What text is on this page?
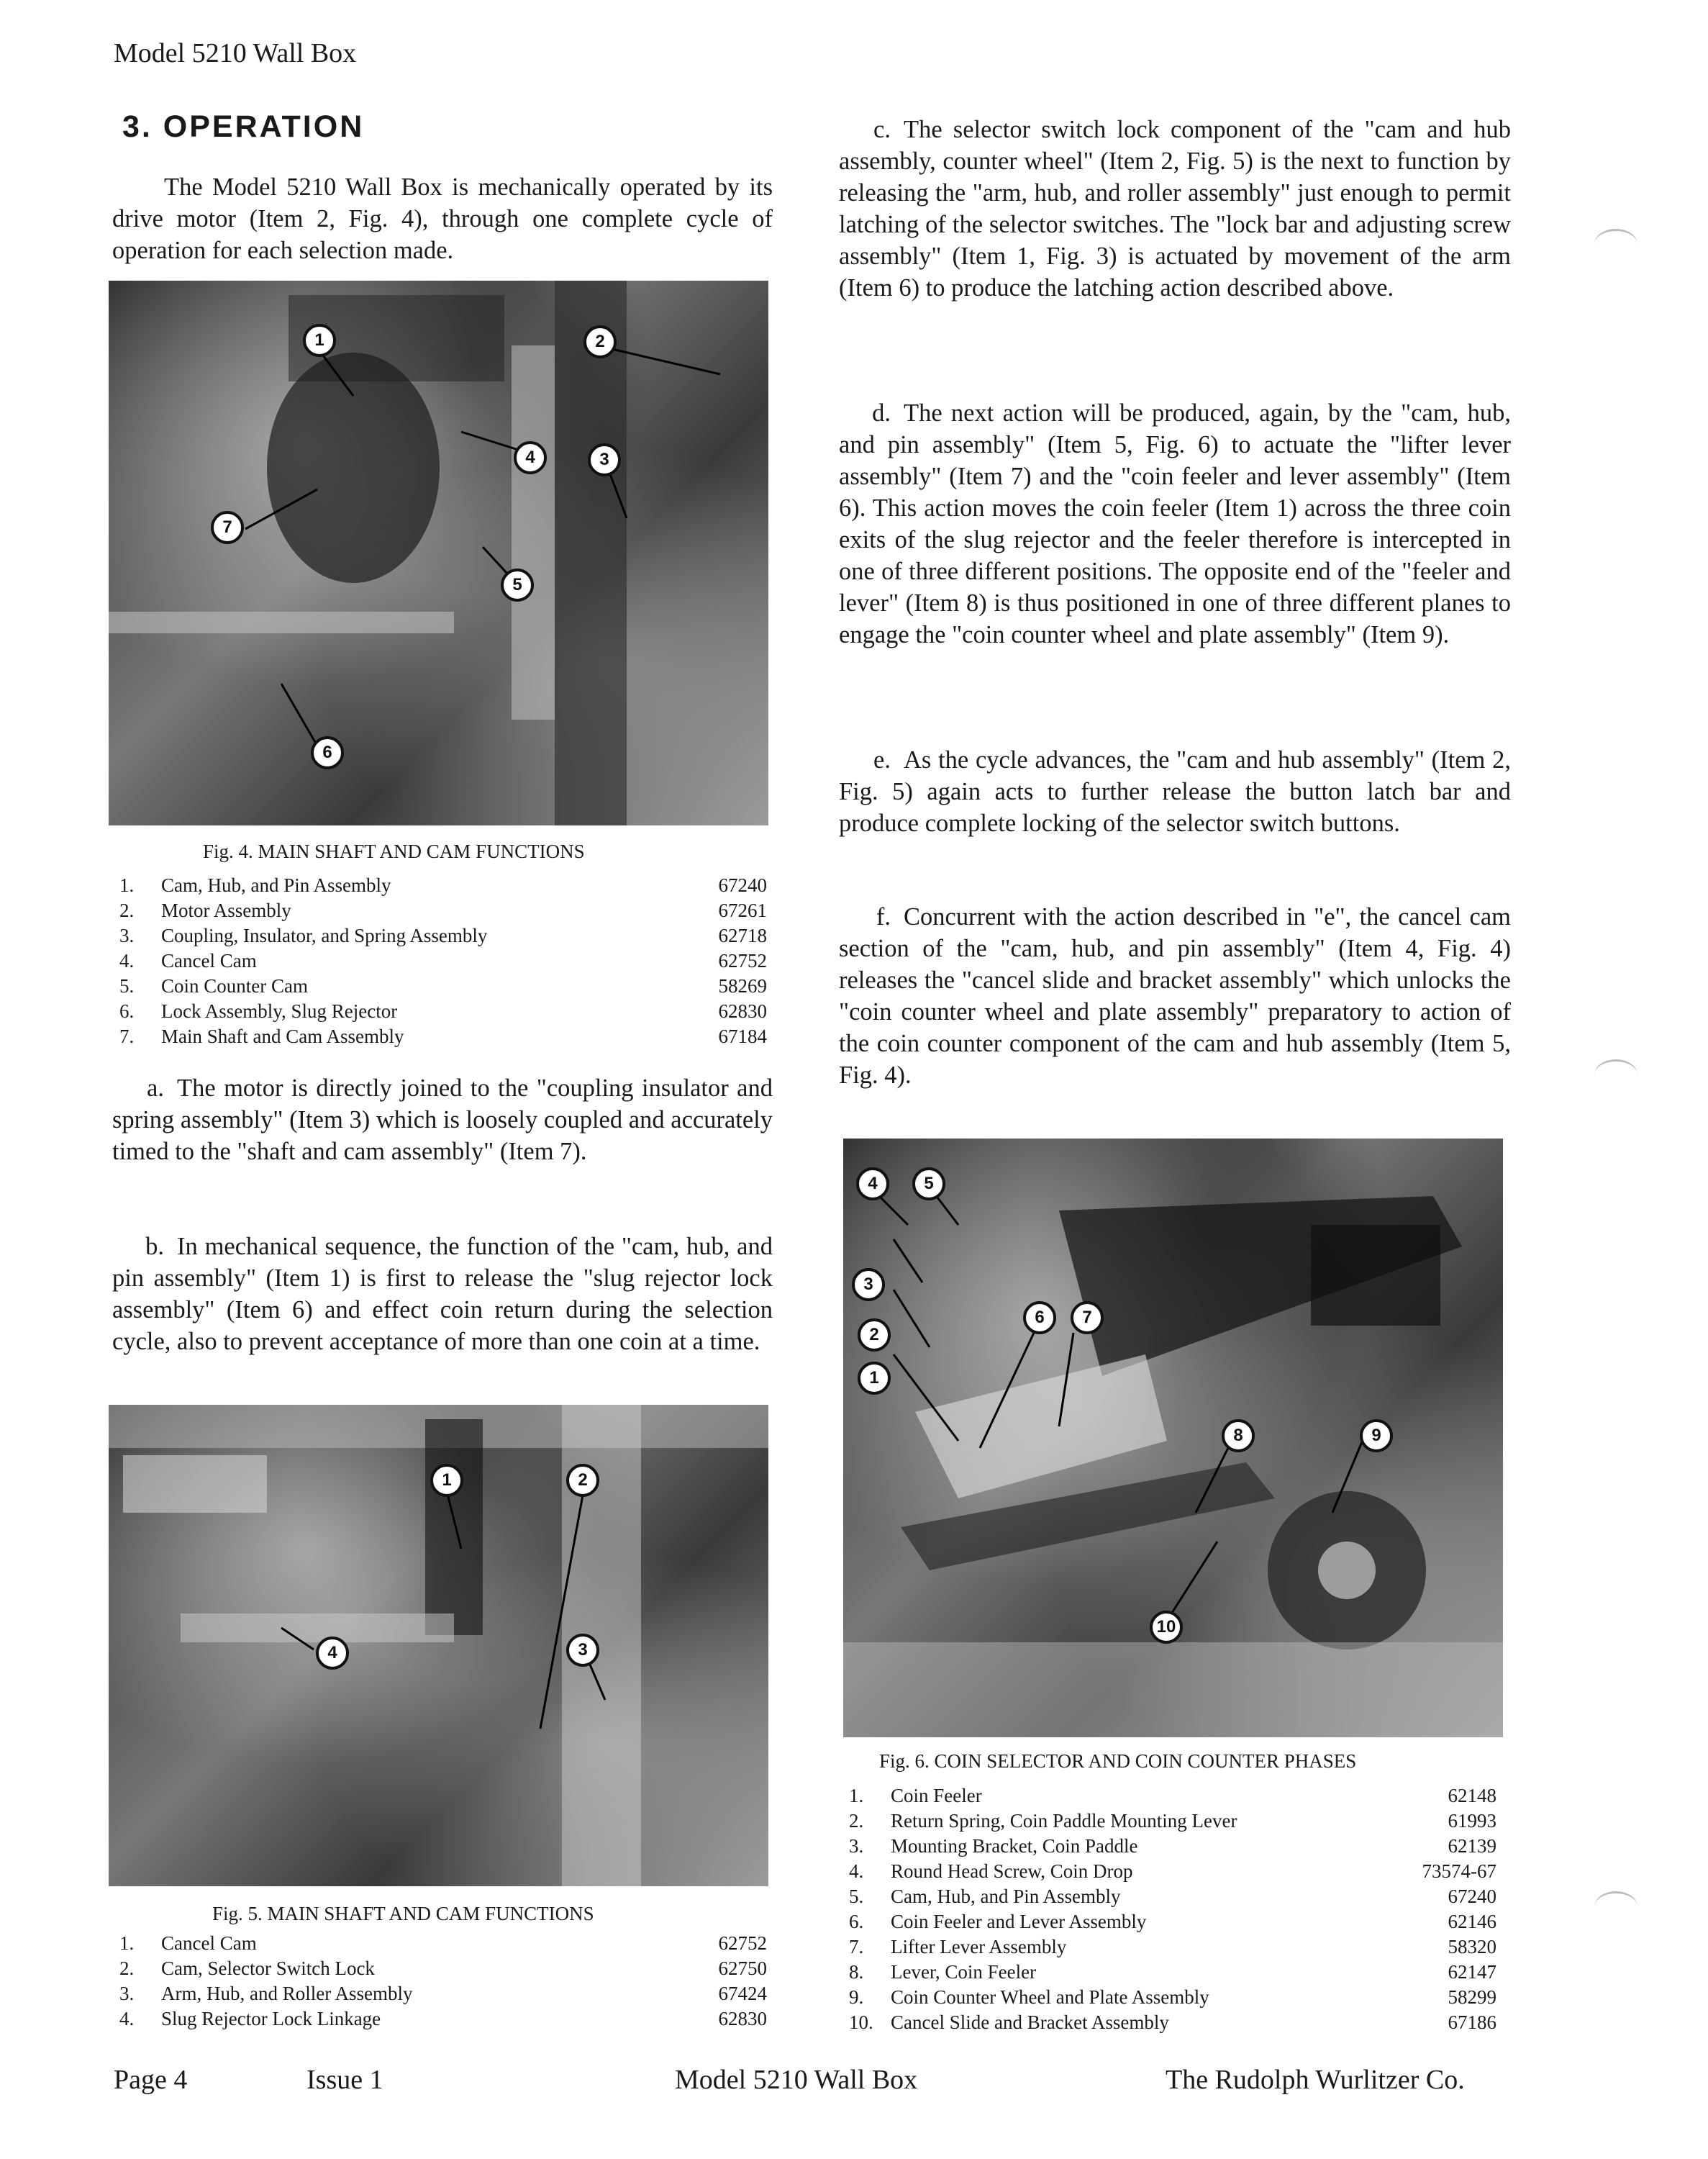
Model 5210 Wall Box
3. OPERATION
The Model 5210 Wall Box is mechanically operated by its drive motor (Item 2, Fig. 4), through one complete cycle of operation for each selection made.
1	2
3
4
5
6
7
Fig. 4. MAIN SHAFT AND CAM FUNCTIONS
1. Cam, Hub, and Pin Assembly	67240
2. Motor Assembly	67261
3. Coupling, Insulator, and Spring Assembly	62718
4. Cancel Cam	62752
5. Coin Counter Cam	58269
6. Lock Assembly, Slug Rejector	62830
7. Main Shaft and Cam Assembly	67184
a. The motor is directly joined to the "coupling insulator and spring assembly" (Item 3) which is loosely coupled and accurately timed to the "shaft and cam assembly" (Item 7).
b. In mechanical sequence, the function of the "cam, hub, and pin assembly" (Item 1) is first to release the "slug rejector lock assembly" (Item 6) and effect coin return during the selection cycle, also to prevent acceptance of more than one coin at a time.
1	2
3
4
Fig. 5. MAIN SHAFT AND CAM FUNCTIONS
1. Cancel Cam	62752
2. Cam, Selector Switch Lock	62750
3. Arm, Hub, and Roller Assembly	67424
4. Slug Rejector Lock Linkage	62830
c. The selector switch lock component of the "cam and hub assembly, counter wheel" (Item 2, Fig. 5) is the next to function by releasing the "arm, hub, and roller assembly" just enough to permit latching of the selector switches. The "lock bar and adjusting screw assembly" (Item 1, Fig. 3) is actuated by movement of the arm (Item 6) to produce the latching action described above.
d. The next action will be produced, again, by the "cam, hub, and pin assembly" (Item 5, Fig. 6) to actuate the "lifter lever assembly" (Item 7) and the "coin feeler and lever assembly" (Item 6). This action moves the coin feeler (Item 1) across the three coin exits of the slug rejector and the feeler therefore is intercepted in one of three different positions. The opposite end of the "feeler and lever" (Item 8) is thus positioned in one of three different planes to engage the "coin counter wheel and plate assembly" (Item 9).
e. As the cycle advances, the "cam and hub assembly" (Item 2, Fig. 5) again acts to further release the button latch bar and produce complete locking of the selector switch buttons.
f. Concurrent with the action described in "e", the cancel cam section of the "cam, hub, and pin assembly" (Item 4, Fig. 4) releases the "cancel slide and bracket assembly" which unlocks the "coin counter wheel and plate assembly" preparatory to action of the coin counter component of the cam and hub assembly (Item 5, Fig. 4).
1
2
3
4	5
6	7
8	9
10
Fig. 6. COIN SELECTOR AND COIN COUNTER PHASES
1. Coin Feeler	62148
2. Return Spring, Coin Paddle Mounting Lever	61993
3. Mounting Bracket, Coin Paddle	62139
4. Round Head Screw, Coin Drop	73574-67
5. Cam, Hub, and Pin Assembly	67240
6. Coin Feeler and Lever Assembly	62146
7. Lifter Lever Assembly	58320
8. Lever, Coin Feeler	62147
9. Coin Counter Wheel and Plate Assembly	58299
10. Cancel Slide and Bracket Assembly	67186
Page 4	Issue 1	Model 5210 Wall Box	The Rudolph Wurlitzer Co.
